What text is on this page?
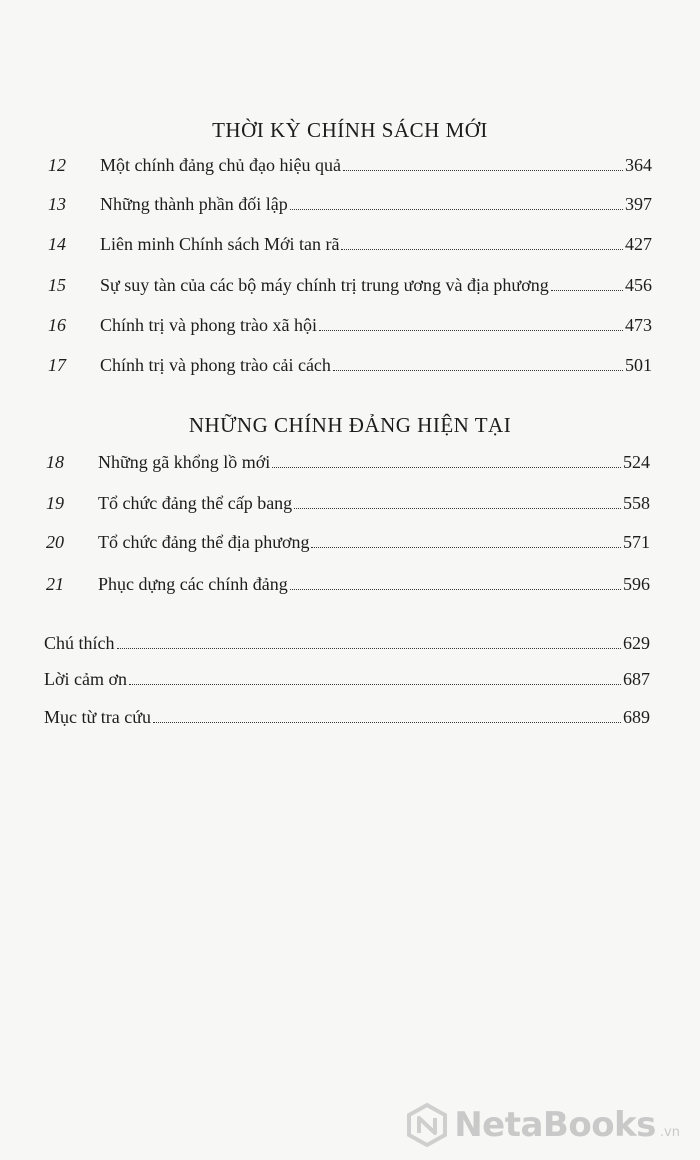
THỜI KỲ CHÍNH SÁCH MỚI
12	Một chính đảng chủ đạo hiệu quả	364
13	Những thành phần đối lập	397
14	Liên minh Chính sách Mới tan rã	427
15	Sự suy tàn của các bộ máy chính trị trung ương và địa phương	456
16	Chính trị và phong trào xã hội	473
17	Chính trị và phong trào cải cách	501
NHỮNG CHÍNH ĐẢNG HIỆN TẠI
18	Những gã khổng lồ mới	524
19	Tổ chức đảng thể cấp bang	558
20	Tổ chức đảng thể địa phương	571
21	Phục dựng các chính đảng	596
Chú thích	629
Lời cảm ơn	687
Mục từ tra cứu	689
NetaBooks .vn
